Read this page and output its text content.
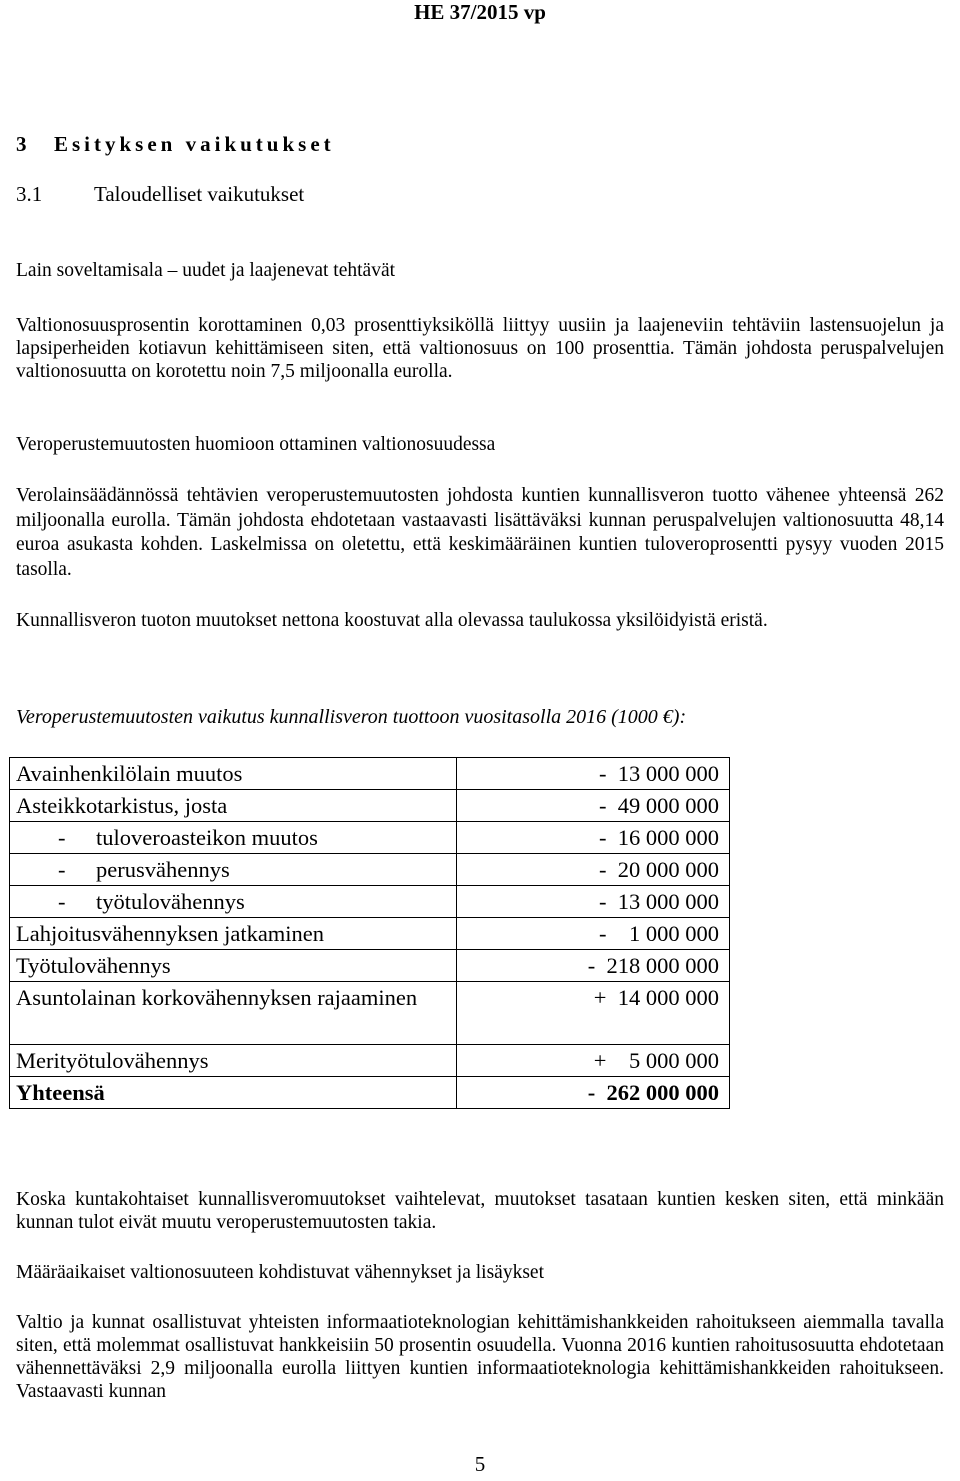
HE 37/2015 vp
3 Esityksen vaikutukset
3.1 Taloudelliset vaikutukset
Lain soveltamisala – uudet ja laajenevat tehtävät

Valtionosuusprosentin korottaminen 0,03 prosenttiyksiköllä liittyy uusiin ja laajeneviin tehtäviin lastensuojelun ja lapsiperheiden kotiavun kehittämiseen siten, että valtionosuus on 100 prosenttia. Tämän johdosta peruspalvelujen valtionosuutta on korotettu noin 7,5 miljoonalla eurolla.

Veroperustemuutosten huomioon ottaminen valtionosuudessa

Verolainsäädännössä tehtävien veroperustemuutosten johdosta kuntien kunnallisveron tuotto vähenee yhteensä 262 miljoonalla eurolla. Tämän johdosta ehdotetaan vastaavasti lisättäväksi kunnan peruspalvelujen valtionosuutta 48,14 euroa asukasta kohden. Laskelmissa on oletettu, että keskimääräinen kuntien tuloveroprosentti pysyy vuoden 2015 tasolla.

Kunnallisveron tuoton muutokset nettona koostuvat alla olevassa taulukossa yksilöidyistä eristä.

Veroperustemuutosten vaikutus kunnallisveron tuottoon vuositasolla 2016 (1000 €):
Avainhenkilölain muutos	-  13 000 000
Asteikkotarkistus, josta	-  49 000 000
- tuloveroasteikon muutos	-  16 000 000
- perusvähennys	-  20 000 000
- työtulovähennys	-  13 000 000
Lahjoitusvähennyksen jatkaminen	-    1 000 000
Työtulovähennys	-  218 000 000
Asuntolainan korkovähennyksen rajaaminen	+  14 000 000
Merityötulovähennys	+    5 000 000
Yhteensä	-  262 000 000

Koska kuntakohtaiset kunnallisveromuutokset vaihtelevat, muutokset tasataan kuntien kesken siten, että minkään kunnan tulot eivät muutu veroperustemuutosten takia.

Määräaikaiset valtionosuuteen kohdistuvat vähennykset ja lisäykset

Valtio ja kunnat osallistuvat yhteisten informaatioteknologian kehittämishankkeiden rahoitukseen aiemmalla tavalla siten, että molemmat osallistuvat hankkeisiin 50 prosentin osuudella. Vuonna 2016 kuntien rahoitusosuutta ehdotetaan vähennettäväksi 2,9 miljoonalla eurolla liittyen kuntien informaatioteknologia kehittämishankkeiden rahoitukseen. Vastaavasti kunnan

5
